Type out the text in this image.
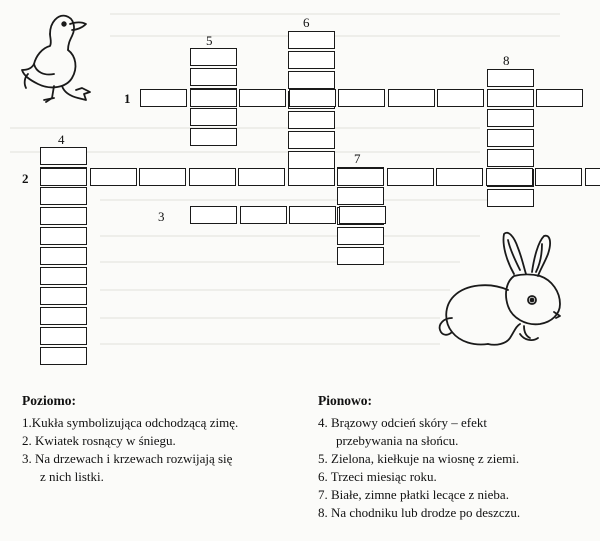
1
2
3
4
5
6
7
8
Poziomo:
1.Kukła symbolizująca odchodzącą zimę.
2. Kwiatek rosnący w śniegu.
3. Na drzewach i krzewach rozwijają się
z nich listki.
Pionowo:
4. Brązowy odcień skóry – efekt
przebywania na słońcu.
5. Zielona, kiełkuje na wiosnę z ziemi.
6. Trzeci miesiąc roku.
7. Białe, zimne płatki lecące z nieba.
8. Na chodniku lub drodze po deszczu.
